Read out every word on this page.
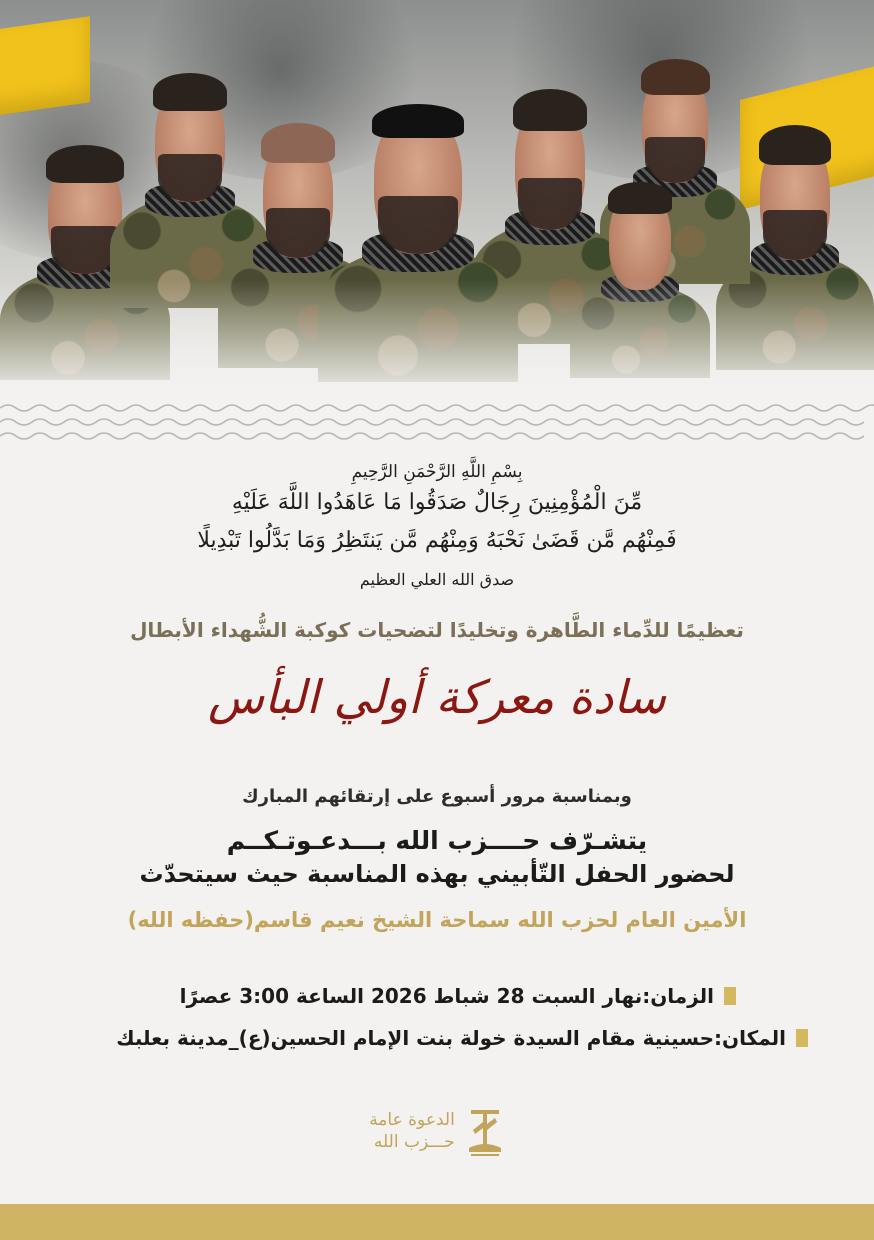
بِسْمِ اللَّهِ الرَّحْمَنِ الرَّحِيمِ
مِّنَ الْمُؤْمِنِينَ رِجَالٌ صَدَقُوا مَا عَاهَدُوا اللَّهَ عَلَيْهِ
فَمِنْهُم مَّن قَضَىٰ نَحْبَهُ وَمِنْهُم مَّن يَنتَظِرُ وَمَا بَدَّلُوا تَبْدِيلًا
صدق الله العلي العظيم
تعظيمًا للدِّماء الطَّاهرة وتخليدًا لتضحيات كوكبة الشُّهداء الأبطال
سادة معركة أولي البأس
وبمناسبة مرور أسبوع على إرتقائهم المبارك
يتشـرّف حــــزب الله بـــدعـوتـكــم
لحضور الحفل التّأبيني بهذه المناسبة حيث سيتحدّث
الأمين العام لحزب الله سماحة الشيخ نعيم قاسم(حفظه الله)
الزمان:نهار السبت 28 شباط 2026 الساعة 3:00 عصرًا
المكان:حسينية مقام السيدة خولة بنت الإمام الحسين(ع)_مدينة بعلبك
الدعوة عامة
حـــزب الله
